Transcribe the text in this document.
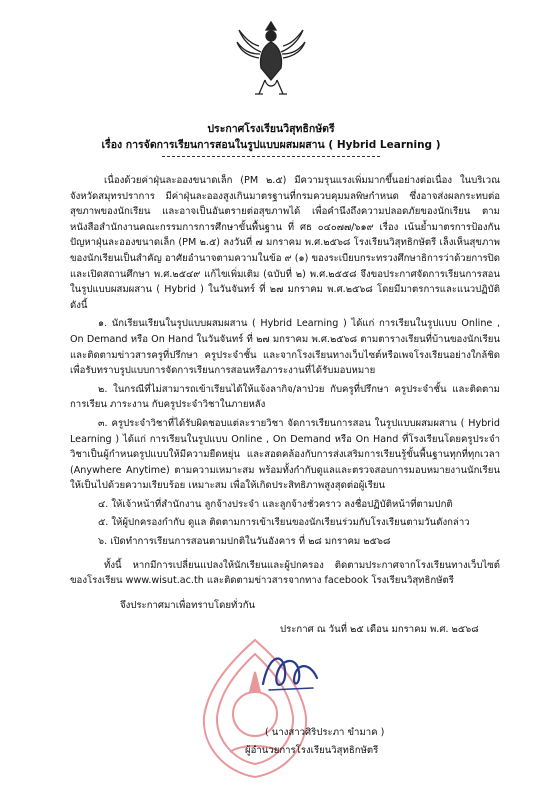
ประกาศโรงเรียนวิสุทธิกษัตรี
เรื่อง การจัดการเรียนการสอนในรูปแบบผสมผสาน ( Hybrid Learning )

เนื่องด้วยค่าฝุ่นละอองขนาดเล็ก (PM ๒.๕) มีความรุนแรงเพิ่มมากขึ้นอย่างต่อเนื่อง ในบริเวณจังหวัดสมุทรปราการ มีค่าฝุ่นละอองสูงเกินมาตรฐานที่กรมควบคุมมลพิษกำหนด ซึ่งอาจส่งผลกระทบต่อสุขภาพของนักเรียน และอาจเป็นอันตรายต่อสุขภาพได้ เพื่อคำนึงถึงความปลอดภัยของนักเรียน ตามหนังสือสำนักงานคณะกรรมการการศึกษาขั้นพื้นฐาน ที่ ศธ ๐๔๐๗๗/๖๑๙ เรื่อง เน้นย้ำมาตรการป้องกันปัญหาฝุ่นละอองขนาดเล็ก (PM ๒.๕) ลงวันที่ ๗ มกราคม พ.ศ.๒๕๖๘ โรงเรียนวิสุทธิกษัตรี เล็งเห็นสุขภาพของนักเรียนเป็นสำคัญ อาศัยอำนาจตามความในข้อ ๙ (๑) ของระเบียบกระทรวงศึกษาธิการว่าด้วยการปิดและเปิดสถานศึกษา พ.ศ.๒๕๔๙ แก้ไขเพิ่มเติม (ฉบับที่ ๒) พ.ศ.๒๕๕๘ จึงขอประกาศจัดการเรียนการสอนในรูปแบบผสมผสาน ( Hybrid ) ในวันจันทร์ ที่ ๒๗ มกราคม พ.ศ.๒๕๖๘ โดยมีมาตรการและแนวปฏิบัติดังนี้

๑. นักเรียนเรียนในรูปแบบผสมผสาน ( Hybrid Learning ) ได้แก่ การเรียนในรูปแบบ Online , On Demand หรือ On Hand ในวันจันทร์ ที่ ๒๗ มกราคม พ.ศ.๒๕๖๘ ตามตารางเรียนที่บ้านของนักเรียน และติดตามข่าวสารครูที่ปรึกษา ครูประจำชั้น และจากโรงเรียนทางเว็บไซต์หรือเพจโรงเรียนอย่างใกล้ชิด เพื่อรับทราบรูปแบบการจัดการเรียนการสอนหรือภาระงานที่ได้รับมอบหมาย

๒. ในกรณีที่ไม่สามารถเข้าเรียนได้ให้แจ้งลากิจ/ลาป่วย กับครูที่ปรึกษา ครูประจำชั้น และติดตามการเรียน ภาระงาน กับครูประจำวิชาในภายหลัง

๓. ครูประจำวิชาที่ได้รับผิดชอบแต่ละรายวิชา จัดการเรียนการสอน ในรูปแบบผสมผสาน ( Hybrid Learning ) ได้แก่ การเรียนในรูปแบบ Online , On Demand หรือ On Hand ที่โรงเรียนโดยครูประจำวิชาเป็นผู้กำหนดรูปแบบให้มีความยืดหยุ่น และสอดคล้องกับการส่งเสริมการเรียนรู้ขั้นพื้นฐานทุกที่ทุกเวลา (Anywhere Anytime) ตามความเหมาะสม พร้อมทั้งกำกับดูแลและตรวจสอบการมอบหมายงานนักเรียนให้เป็นไปด้วยความเรียบร้อย เหมาะสม เพื่อให้เกิดประสิทธิภาพสูงสุดต่อผู้เรียน

๔. ให้เจ้าหน้าที่สำนักงาน ลูกจ้างประจำ และลูกจ้างชั่วคราว ลงชื่อปฏิบัติหน้าที่ตามปกติ

๕. ให้ผู้ปกครองกำกับ ดูแล ติดตามการเข้าเรียนของนักเรียนร่วมกับโรงเรียนตามวันดังกล่าว

๖. เปิดทำการเรียนการสอนตามปกติในวันอังคาร ที่ ๒๘ มกราคม ๒๕๖๘

ทั้งนี้ หากมีการเปลี่ยนแปลงให้นักเรียนและผู้ปกครอง ติดตามประกาศจากโรงเรียนทางเว็บไซต์ของโรงเรียน www.wisut.ac.th และติดตามข่าวสารจากทาง facebook โรงเรียนวิสุทธิกษัตรี

จึงประกาศมาเพื่อทราบโดยทั่วกัน
ประกาศ ณ วันที่ ๒๕ เดือน มกราคม พ.ศ. ๒๕๖๘
( นางสาวศิริประภา ขำมาค )
ผู้อำนวยการโรงเรียนวิสุทธิกษัตรี
